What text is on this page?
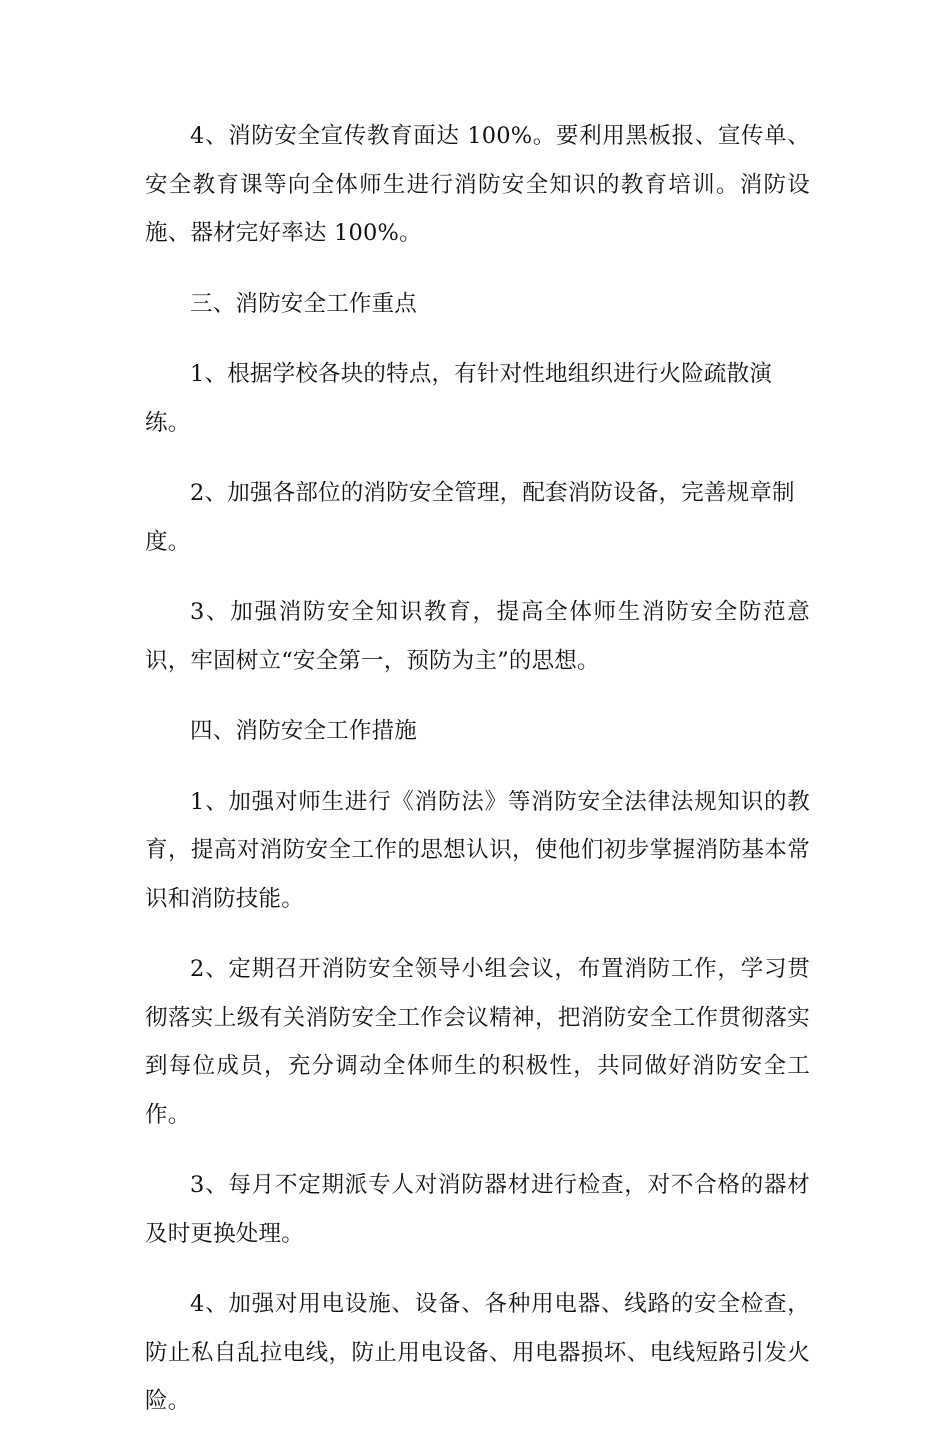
4、消防安全宣传教育面达 100%。要利用黑板报、宣传单、安全教育课等向全体师生进行消防安全知识的教育培训。消防设施、器材完好率达 100%。

三、消防安全工作重点

1、根据学校各块的特点，有针对性地组织进行火险疏散演练。

2、加强各部位的消防安全管理，配套消防设备，完善规章制度。

3、加强消防安全知识教育，提高全体师生消防安全防范意识，牢固树立“安全第一，预防为主”的思想。

四、消防安全工作措施

1、加强对师生进行《消防法》等消防安全法律法规知识的教育，提高对消防安全工作的思想认识，使他们初步掌握消防基本常识和消防技能。

2、定期召开消防安全领导小组会议，布置消防工作，学习贯彻落实上级有关消防安全工作会议精神，把消防安全工作贯彻落实到每位成员，充分调动全体师生的积极性，共同做好消防安全工作。

3、每月不定期派专人对消防器材进行检查，对不合格的器材及时更换处理。

4、加强对用电设施、设备、各种用电器、线路的安全检查，防止私自乱拉电线，防止用电设备、用电器损坏、电线短路引发火险。
